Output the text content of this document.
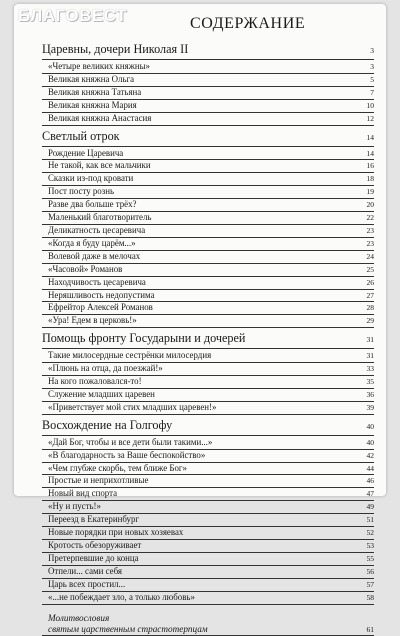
БЛАГОВЕСТ	СОДЕРЖАНИЕ
Царевны, дочери Николая II	3
«Четыре великих княжны»	3
Великая княжна Ольга	5
Великая княжна Татьяна	7
Великая княжна Мария	10
Великая княжна Анастасия	12
Светлый отрок	14
Рождение Царевича	14
Не такой, как все мальчики	16
Сказки из-под кровати	18
Пост посту рознь	19
Разве два больше трёх?	20
Маленький благотворитель	22
Деликатность цесаревича	23
«Когда я буду царём...»	23
Волевой даже в мелочах	24
«Часовой» Романов	25
Находчивость цесаревича	26
Неряшливость недопустима	27
Ефрейтор Алексей Романов	28
«Ура! Едем в церковь!»	29
Помощь фронту Государыни и дочерей	31
Такие милосердные сестрёнки милосердия	31
«Плюнь на отца, да поезжай!»	33
На кого пожаловался-то!	35
Служение младших царевен	36
«Приветствует мой стих младших царевен!»	39
Восхождение на Голгофу	40
«Дай Бог, чтобы и все дети были такими...»	40
«В благодарность за Ваше беспокойство»	42
«Чем глубже скорбь, тем ближе Бог»	44
Простые и неприхотливые	46
Новый вид спорта	47
«Ну и пусть!»	49
Переезд в Екатеринбург	51
Новые порядки при новых хозяевах	52
Кротость обезоруживает	53
Претерпевшие до конца	55
Отпели... сами себя	56
Царь всех простил...	57
«...не побеждает зло, а только любовь»	58
Молитвословия
святым царственным страстотерпцам	61
